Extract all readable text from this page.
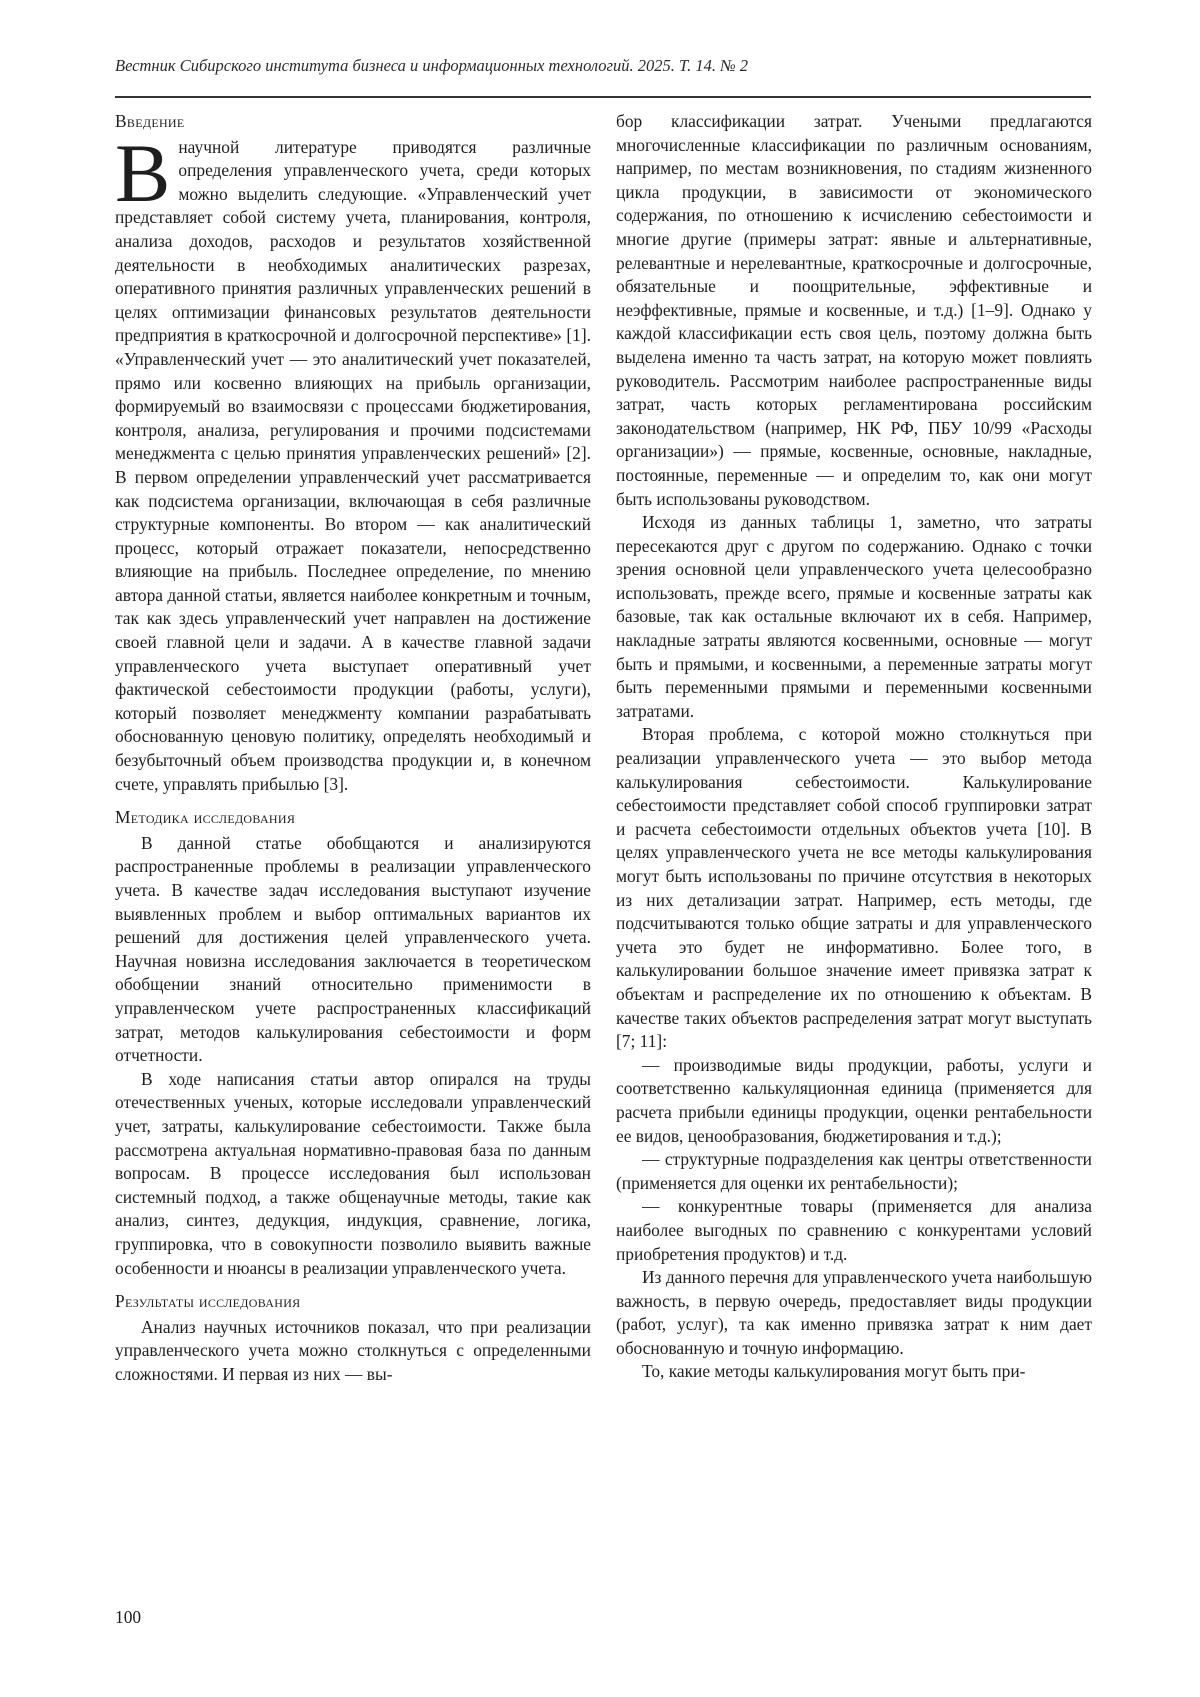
Вестник Сибирского института бизнеса и информационных технологий. 2025. Т. 14. № 2
Введение

Внаучной литературе приводятся различные определения управленческого учета, среди которых можно выделить следующие. «Управленческий учет представляет собой систему учета, планирования, контроля, анализа доходов, расходов и результатов хозяйственной деятельности в необходимых аналитических разрезах, оперативного принятия различных управленческих решений в целях оптимизации финансовых результатов деятельности предприятия в краткосрочной и долгосрочной перспективе» [1]. «Управленческий учет — это аналитический учет показателей, прямо или косвенно влияющих на прибыль организации, формируемый во взаимосвязи с процессами бюджетирования, контроля, анализа, регулирования и прочими подсистемами менеджмента с целью принятия управленческих решений» [2]. В первом определении управленческий учет рассматривается как подсистема организации, включающая в себя различные структурные компоненты. Во втором — как аналитический процесс, который отражает показатели, непосредственно влияющие на прибыль. Последнее определение, по мнению автора данной статьи, является наиболее конкретным и точным, так как здесь управленческий учет направлен на достижение своей главной цели и задачи. А в качестве главной задачи управленческого учета выступает оперативный учет фактической себестоимости продукции (работы, услуги), который позволяет менеджменту компании разрабатывать обоснованную ценовую политику, определять необходимый и безубыточный объем производства продукции и, в конечном счете, управлять прибылью [3].

Методика исследования

В данной статье обобщаются и анализируются распространенные проблемы в реализации управленческого учета. В качестве задач исследования выступают изучение выявленных проблем и выбор оптимальных вариантов их решений для достижения целей управленческого учета. Научная новизна исследования заключается в теоретическом обобщении знаний относительно применимости в управленческом учете распространенных классификаций затрат, методов калькулирования себестоимости и форм отчетности.

В ходе написания статьи автор опирался на труды отечественных ученых, которые исследовали управленческий учет, затраты, калькулирование себестоимости. Также была рассмотрена актуальная нормативно-правовая база по данным вопросам. В процессе исследования был использован системный подход, а также общенаучные методы, такие как анализ, синтез, дедукция, индукция, сравнение, логика, группировка, что в совокупности позволило выявить важные особенности и нюансы в реализации управленческого учета.

Результаты исследования

Анализ научных источников показал, что при реализации управленческого учета можно столкнуться с определенными сложностями. И первая из них — вы-

бор классификации затрат. Учеными предлагаются многочисленные классификации по различным основаниям, например, по местам возникновения, по стадиям жизненного цикла продукции, в зависимости от экономического содержания, по отношению к исчислению себестоимости и многие другие (примеры затрат: явные и альтернативные, релевантные и нерелевантные, краткосрочные и долгосрочные, обязательные и поощрительные, эффективные и неэффективные, прямые и косвенные, и т.д.) [1–9]. Однако у каждой классификации есть своя цель, поэтому должна быть выделена именно та часть затрат, на которую может повлиять руководитель. Рассмотрим наиболее распространенные виды затрат, часть которых регламентирована российским законодательством (например, НК РФ, ПБУ 10/99 «Расходы организации») — прямые, косвенные, основные, накладные, постоянные, переменные — и определим то, как они могут быть использованы руководством.

Исходя из данных таблицы 1, заметно, что затраты пересекаются друг с другом по содержанию. Однако с точки зрения основной цели управленческого учета целесообразно использовать, прежде всего, прямые и косвенные затраты как базовые, так как остальные включают их в себя. Например, накладные затраты являются косвенными, основные — могут быть и прямыми, и косвенными, а переменные затраты могут быть переменными прямыми и переменными косвенными затратами.

Вторая проблема, с которой можно столкнуться при реализации управленческого учета — это выбор метода калькулирования себестоимости. Калькулирование себестоимости представляет собой способ группировки затрат и расчета себестоимости отдельных объектов учета [10]. В целях управленческого учета не все методы калькулирования могут быть использованы по причине отсутствия в некоторых из них детализации затрат. Например, есть методы, где подсчитываются только общие затраты и для управленческого учета это будет не информативно. Более того, в калькулировании большое значение имеет привязка затрат к объектам и распределение их по отношению к объектам. В качестве таких объектов распределения затрат могут выступать [7; 11]:

— производимые виды продукции, работы, услуги и соответственно калькуляционная единица (применяется для расчета прибыли единицы продукции, оценки рентабельности ее видов, ценообразования, бюджетирования и т.д.);

— структурные подразделения как центры ответственности (применяется для оценки их рентабельности);

— конкурентные товары (применяется для анализа наиболее выгодных по сравнению с конкурентами условий приобретения продуктов) и т.д.

Из данного перечня для управленческого учета наибольшую важность, в первую очередь, предоставляет виды продукции (работ, услуг), та как именно привязка затрат к ним дает обоснованную и точную информацию.

То, какие методы калькулирования могут быть при-

100
